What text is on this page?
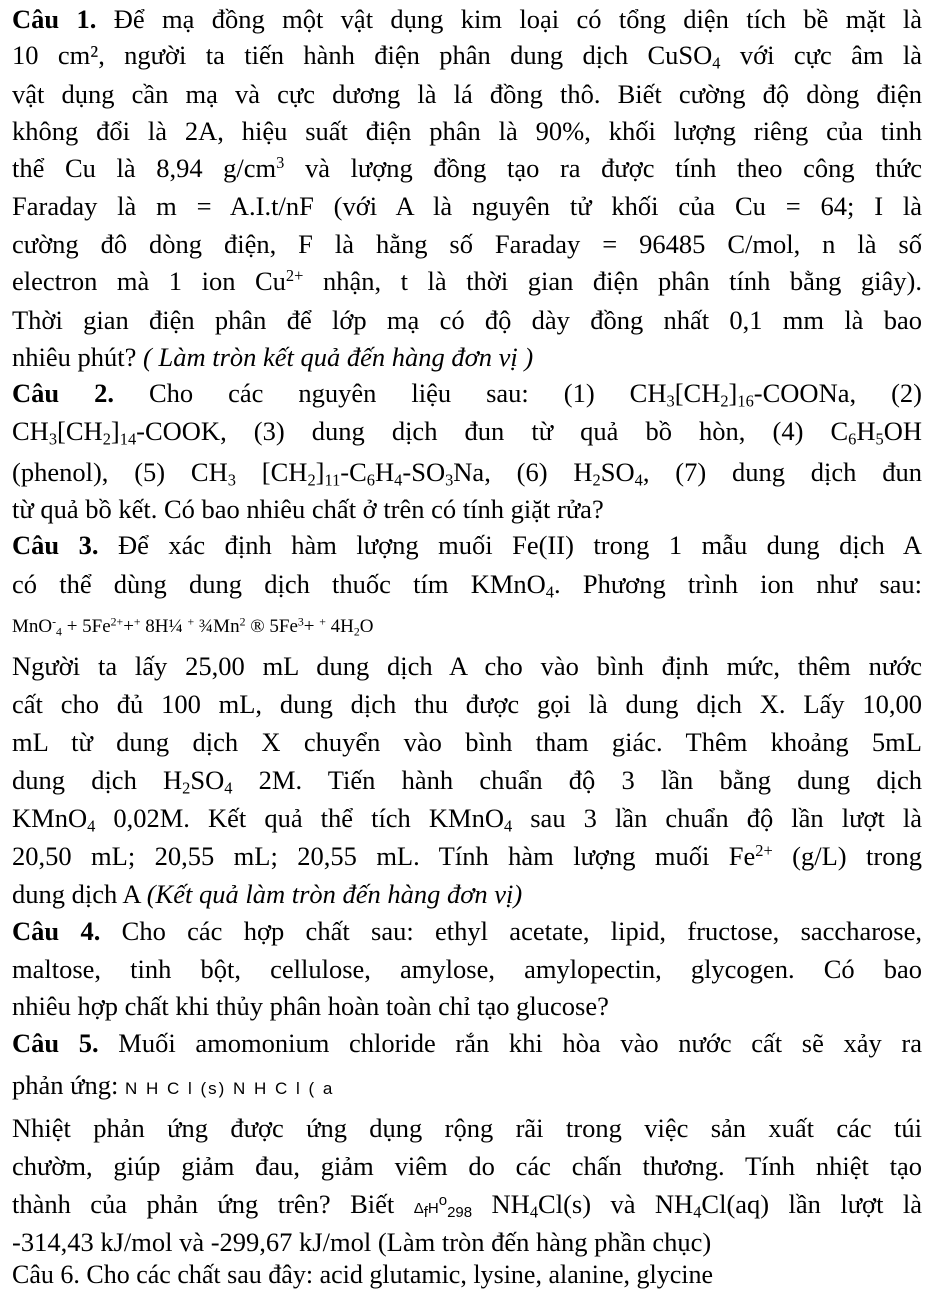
Câu 1. Để mạ đồng một vật dụng kim loại có tổng diện tích bề mặt là
10 cm², người ta tiến hành điện phân dung dịch CuSO$_4$ với cực âm là
vật dụng cần mạ và cực dương là lá đồng thô. Biết cường độ dòng điện
không đổi là 2A, hiệu suất điện phân là 90%, khối lượng riêng của tinh
thể Cu là 8,94 $g/cm^3$ và lượng đồng tạo ra được tính theo công thức
Faraday là m = A.I.t/nF (với A là nguyên tử khối của Cu = 64; I là
cường đô dòng điện, F là hằng số Faraday = 96485 C/mol, n là số
electron mà 1 ion $Cu^{2+}$ nhận, t là thời gian điện phân tính bằng giây).
Thời gian điện phân để lớp mạ có độ dày đồng nhất 0,1 mm là bao
nhiêu phút? ( Làm tròn kết quả đến hàng đơn vị )
Câu 2. Cho các nguyên liệu sau: (1) $CH_3[CH_2]_{16}$-COONa, (2)
$CH_3[CH_2]_{14}$-COOK, (3) dung dịch đun từ quả bồ hòn, (4) $C_6H_5OH$
(phenol), (5) $CH_3$ $[CH_2]_{11}-C_6H_4-SO_3Na$, (6) $H_2SO_4$, (7) dung dịch đun
từ quả bồ kết. Có bao nhiêu chất ở trên có tính giặt rửa?
Câu 3. Để xác định hàm lượng muối Fe(II) trong 1 mẫu dung dịch A
có thể dùng dung dịch thuốc tím KMnO$_4$. Phương trình ion như sau:
$MnO^-_4 + 5Fe^{2+}+^+$ 8H¼ + ¾Mn$^2$ ® $5Fe^3+ ^+$ $4H_2O$
Người ta lấy 25,00 mL dung dịch A cho vào bình định mức, thêm nước
cất cho đủ 100 mL, dung dịch thu được gọi là dung dịch X. Lấy 10,00
mL từ dung dịch X chuyển vào bình tham giác. Thêm khoảng 5mL
dung dịch $H_2SO_4$ 2M. Tiến hành chuẩn độ 3 lần bằng dung dịch
KMnO$_4$ 0,02M. Kết quả thể tích KMnO$_4$ sau 3 lần chuẩn độ lần lượt là
20,50 mL; 20,55 mL; 20,55 mL. Tính hàm lượng muối $Fe^{2+}$ (g/L) trong
dung dịch A (Kết quả làm tròn đến hàng đơn vị)
Câu 4. Cho các hợp chất sau: ethyl acetate, lipid, fructose, saccharose,
maltose, tinh bột, cellulose, amylose, amylopectin, glycogen. Có bao
nhiêu hợp chất khi thủy phân hoàn toàn chỉ tạo glucose?
Câu 5. Muối amomonium chloride rắn khi hòa vào nước cất sẽ xảy ra
phản ứng: N H C l (s) N H C l ( a
Nhiệt phản ứng được ứng dụng rộng rãi trong việc sản xuất các túi
chườm, giúp giảm đau, giảm viêm do các chấn thương. Tính nhiệt tạo
thành của phản ứng trên? Biết $\Delta_fH^o_{298}$ $NH_4Cl(s)$ và $NH_4Cl(aq)$ lần lượt là
-314,43 kJ/mol và -299,67 kJ/mol (Làm tròn đến hàng phần chục)
Câu 6. Cho các chất sau đây: acid glutamic, lysine, alanine, glycine
